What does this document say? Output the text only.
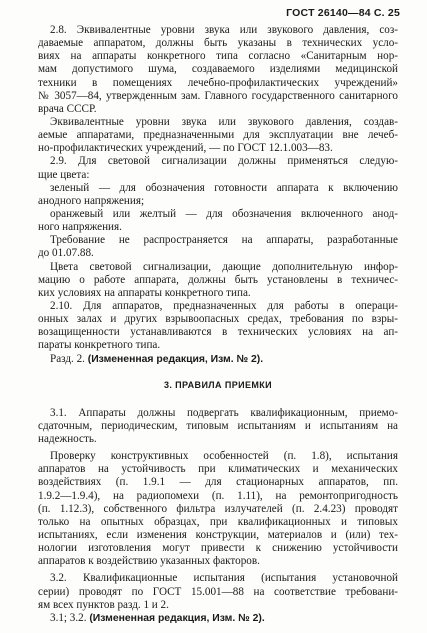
ГОСТ 26140—84 С. 25
2.8. Эквивалентные уровни звука или звукового давления, соз-
даваемые аппаратом, должны быть указаны в технических усло-
виях на аппараты конкретного типа согласно «Санитарным нор-
мам допустимого шума, создаваемого изделиями медицинской
техники в помещениях лечебно-профилактических учреждений»
№ 3057—84, утвержденным зам. Главного государственного санитарного врача СССР.
Эквивалентные уровни звука или звукового давления, создав-
аемые аппаратами, предназначенными для эксплуатации вне лечеб-
но-профилактических учреждений, — по ГОСТ 12.1.003—83.
2.9. Для световой сигнализации должны применяться следую-
щие цвета:
зеленый — для обозначения готовности аппарата к включению
анодного напряжения;
оранжевый или желтый — для обозначения включенного анод-
ного напряжения.
Требование не распространяется на аппараты, разработанные
до 01.07.88.
Цвета световой сигнализации, дающие дополнительную инфор-
мацию о работе аппарата, должны быть установлены в техничес-
ких условиях на аппараты конкретного типа.
2.10. Для аппаратов, предназначенных для работы в операци-
онных залах и других взрывоопасных средах, требования по взры-
возащищенности устанавливаются в технических условиях на ап-
параты конкретного типа.
Разд. 2. (Измененная редакция, Изм. № 2).
3. ПРАВИЛА ПРИЕМКИ
3.1. Аппараты должны подвергать квалификационным, приемо-
сдаточным, периодическим, типовым испытаниям и испытаниям на
надежность.
Проверку конструктивных особенностей (п. 1.8), испытания
аппаратов на устойчивость при климатических и механических
воздействиях (п. 1.9.1 — для стационарных аппаратов, пп.
1.9.2—1.9.4), на радиопомехи (п. 1.11), на ремонтопригодность
(п. 1.12.3), собственного фильтра излучателей (п. 2.4.23) проводят
только на опытных образцах, при квалификационных и типовых
испытаниях, если изменения конструкции, материалов и (или) тех-
нологии изготовления могут привести к снижению устойчивости
аппаратов к воздействию указанных факторов.
3.2. Квалификационные испытания (испытания установочной
серии) проводят по ГОСТ 15.001—88 на соответствие требовани-
ям всех пунктов разд. 1 и 2.
3.1; 3.2. (Измененная редакция, Изм. № 2).
